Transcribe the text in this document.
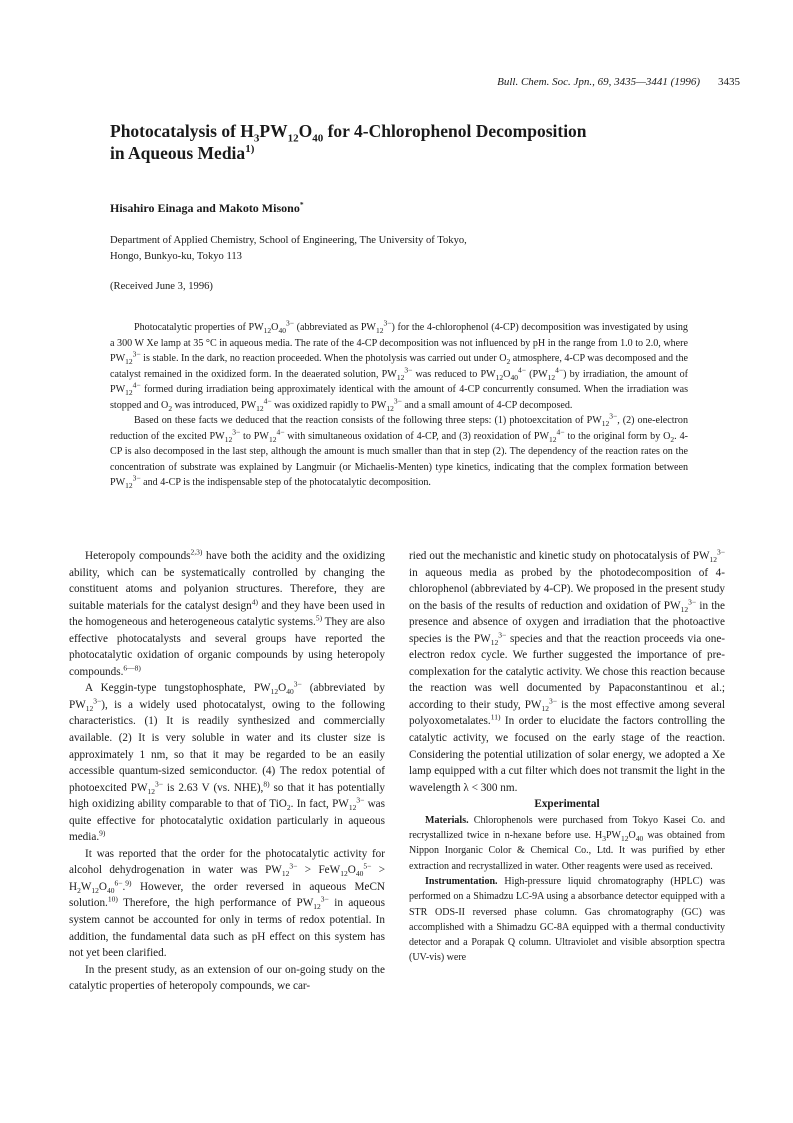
Bull. Chem. Soc. Jpn., 69, 3435—3441 (1996)	3435
Photocatalysis of $H_3PW_{12}O_{40}$ for 4-Chlorophenol Decomposition
in Aqueous Media$^{1)}$
Hisahiro Einaga and Makoto Misono*
Department of Applied Chemistry, School of Engineering, The University of Tokyo,
Hongo, Bunkyo-ku, Tokyo 113
(Received June 3, 1996)

Photocatalytic properties of $PW_{12}O_{40}^{3-}$ (abbreviated as $PW_{12}^{3-}$) for the 4-chlorophenol (4-CP) decomposition was investigated by using a 300 W Xe lamp at 35 °C in aqueous media. The rate of the 4-CP decomposition was not influenced by pH in the range from 1.0 to 2.0, where $PW_{12}^{3-}$ is stable. In the dark, no reaction proceeded. When the photolysis was carried out under $O_2$ atmosphere, 4-CP was decomposed and the catalyst remained in the oxidized form. In the deaerated solution, $PW_{12}^{3-}$ was reduced to $PW_{12}O_{40}^{4-}$ $(PW_{12}^{4-})$ by irradiation, the amount of $PW_{12}^{4-}$ formed during irradiation being approximately identical with the amount of 4-CP concurrently consumed. When the irradiation was stopped and $O_2$ was introduced, $PW_{12}^{4-}$ was oxidized rapidly to $PW_{12}^{3-}$ and a small amount of 4-CP decomposed.

Based on these facts we deduced that the reaction consists of the following three steps: (1) photoexcitation of $PW_{12}^{3-}$, (2) one-electron reduction of the excited $PW_{12}^{3-}$ to $PW_{12}^{4-}$ with simultaneous oxidation of 4-CP, and (3) reoxidation of $PW_{12}^{4-}$ to the original form by $O_2$. 4-CP is also decomposed in the last step, although the amount is much smaller than that in step (2). The dependency of the reaction rates on the concentration of substrate was explained by Langmuir (or Michaelis-Menten) type kinetics, indicating that the complex formation between $PW_{12}^{3-}$ and 4-CP is the indispensable step of the photocatalytic decomposition.

Heteropoly compounds$^{2,3)}$ have both the acidity and the oxidizing ability, which can be systematically controlled by changing the constituent atoms and polyanion structures. Therefore, they are suitable materials for the catalyst design$^{4)}$ and they have been used in the homogeneous and heterogeneous catalytic systems.$^{5)}$ They are also effective photocatalysts and several groups have reported the photocatalytic oxidation of organic compounds by using heteropoly compounds.$^{6—8)}$

A Keggin-type tungstophosphate, $PW_{12}O_{40}^{3-}$ (abbreviated by $PW_{12}^{3-}$), is a widely used photocatalyst, owing to the following characteristics. (1) It is readily synthesized and commercially available. (2) It is very soluble in water and its cluster size is approximately 1 nm, so that it may be regarded to be an easily accessible quantum-sized semiconductor. (4) The redox potential of photoexcited $PW_{12}^{3-}$ is 2.63 V (vs. NHE),$^{8)}$ so that it has potentially high oxidizing ability comparable to that of TiO$_2$. In fact, $PW_{12}^{3-}$ was quite effective for photocatalytic oxidation particularly in aqueous media.$^{9)}$

It was reported that the order for the photocatalytic activity for alcohol dehydrogenation in water was $PW_{12}^{3-} > FeW_{12}O_{40}^{5-} > H_2W_{12}O_{40}^{6-}.^{9)}$ However, the order reversed in aqueous MeCN solution.$^{10)}$ Therefore, the high performance of $PW_{12}^{3-}$ in aqueous system cannot be accounted for only in terms of redox potential. In addition, the fundamental data such as pH effect on this system has not yet been clarified.

In the present study, as an extension of our on-going study on the catalytic properties of heteropoly compounds, we car-

ried out the mechanistic and kinetic study on photocatalysis of $PW_{12}^{3-}$ in aqueous media as probed by the photodecomposition of 4-chlorophenol (abbreviated by 4-CP). We proposed in the present study on the basis of the results of reduction and oxidation of $PW_{12}^{3-}$ in the presence and absence of oxygen and irradiation that the photoactive species is the $PW_{12}^{3-}$ species and that the reaction proceeds via one-electron redox cycle. We further suggested the importance of pre-complexation for the catalytic activity. We chose this reaction because the reaction was well documented by Papaconstantinou et al.; according to their study, $PW_{12}^{3-}$ is the most effective among several polyoxometalates.$^{11)}$ In order to elucidate the factors controlling the catalytic activity, we focused on the early stage of the reaction. Considering the potential utilization of solar energy, we adopted a Xe lamp equipped with a cut filter which does not transmit the light in the wavelength λ < 300 nm.

Experimental

Materials. Chlorophenols were purchased from Tokyo Kasei Co. and recrystallized twice in n-hexane before use. $H_3PW_{12}O_{40}$ was obtained from Nippon Inorganic Color & Chemical Co., Ltd. It was purified by ether extraction and recrystallized in water. Other reagents were used as received.

Instrumentation. High-pressure liquid chromatography (HPLC) was performed on a Shimadzu LC-9A using a absorbance detector equipped with a STR ODS-II reversed phase column. Gas chromatography (GC) was accomplished with a Shimadzu GC-8A equipped with a thermal conductivity detector and a Porapak Q column. Ultraviolet and visible absorption spectra (UV-vis) were
